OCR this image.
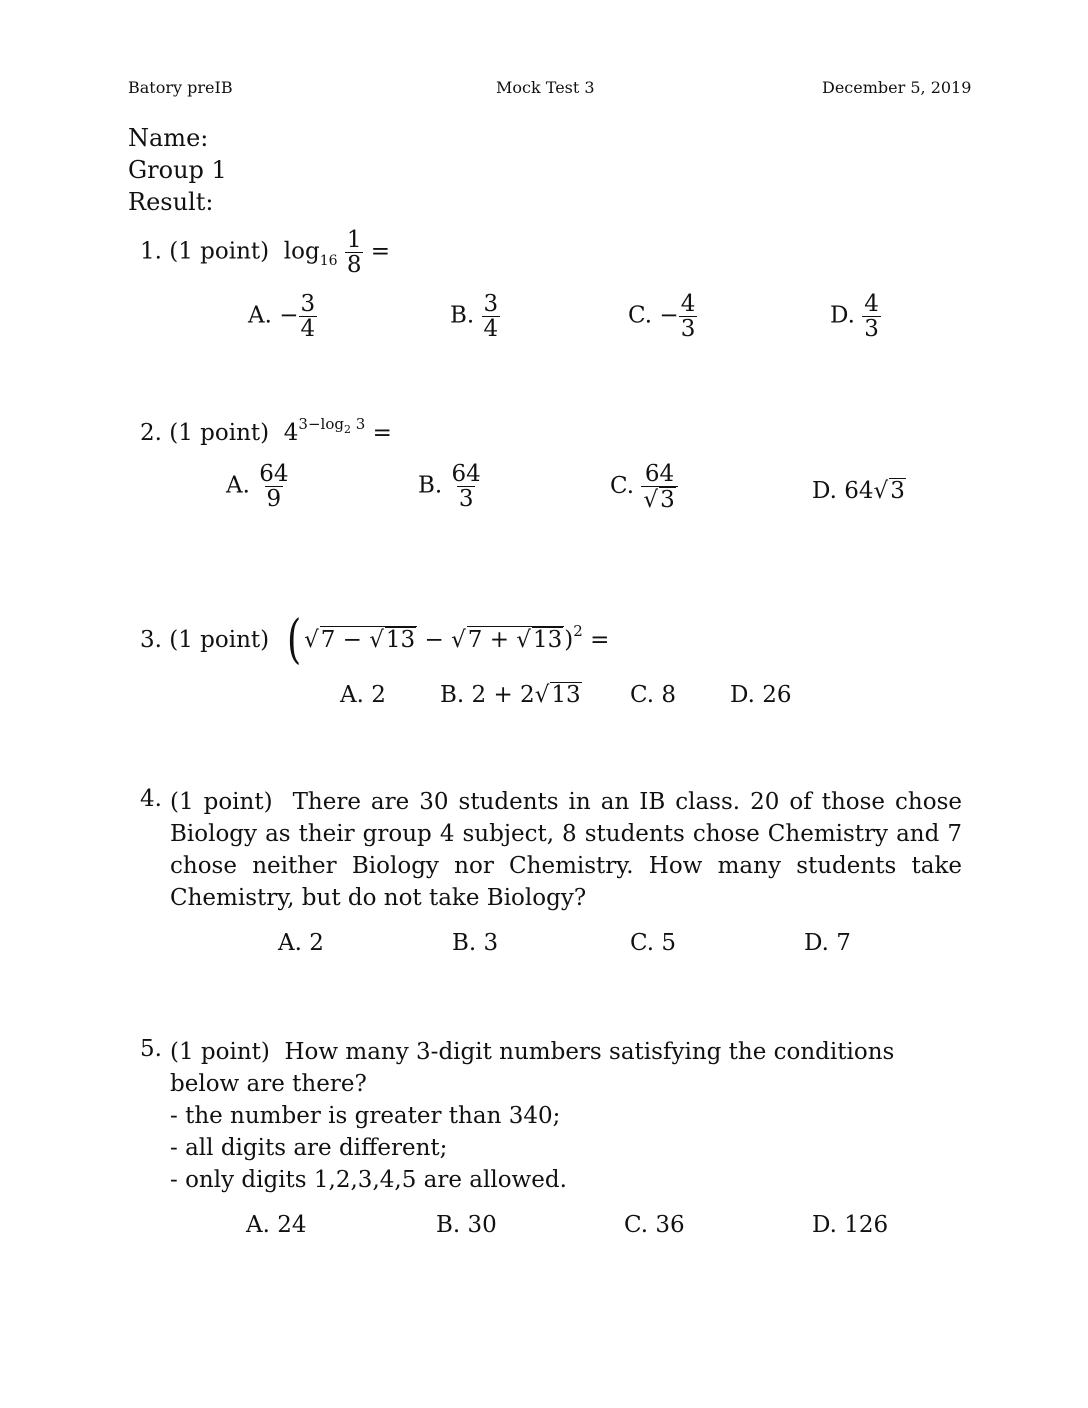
Batory preIB	Mock Test 3	December 5, 2019
Name:
Group 1
Result:
1. (1 point) $\log_{16} \frac{1}{8}$ =
A. − $\frac{3}{4}$	B. $\frac{3}{4}$	C. − $\frac{4}{3}$	D. $\frac{4}{3}$
2. (1 point) $4^{3-log_2 3}$ =
A. $\frac{64}{9}$	B. $\frac{64}{3}$	C. $\frac{64}{√3}$	D. 64√3
3. (1 point) ( √7 − √13 − √7 + √13)$^2$ =
A. 2 B. 2 + 2√13 C. 8 D. 26
4. (1 point) There are 30 students in an IB class. 20 of those chose Biology as their group 4 subject, 8 students chose Chemistry and 7 chose neither Biology nor Chemistry. How many students take Chemistry, but do not take Biology?
A. 2	B. 3	C. 5	D. 7
5. (1 point) How many 3-digit numbers satisfying the conditions below are there?
- the number is greater than 340;
- all digits are different;
- only digits 1,2,3,4,5 are allowed.
A. 24	B. 30	C. 36	D. 126
